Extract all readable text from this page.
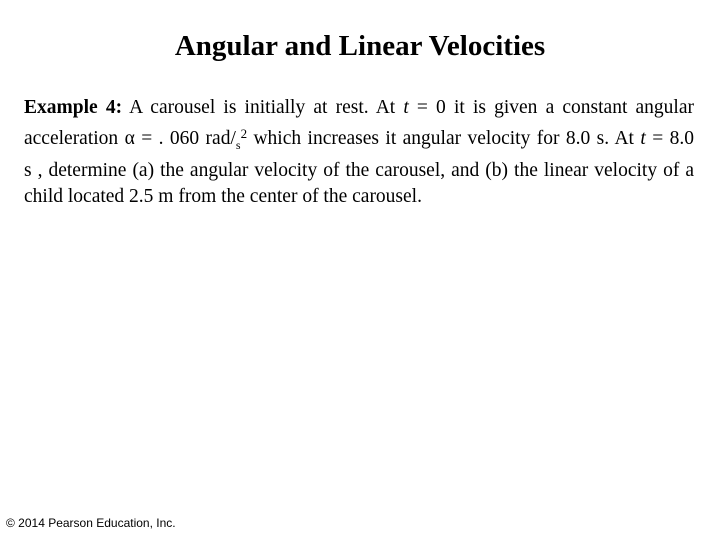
Angular and Linear Velocities
Example 4: A carousel is initially at rest. At t = 0 it is given a constant angular
acceleration α = . 060 rad/$_s^2$ which increases it angular velocity for 8.0 s. At t = 8.0
s , determine (a) the angular velocity of the carousel, and (b) the linear velocity of a
child located 2.5 m from the center of the carousel.
© 2014 Pearson Education, Inc.
